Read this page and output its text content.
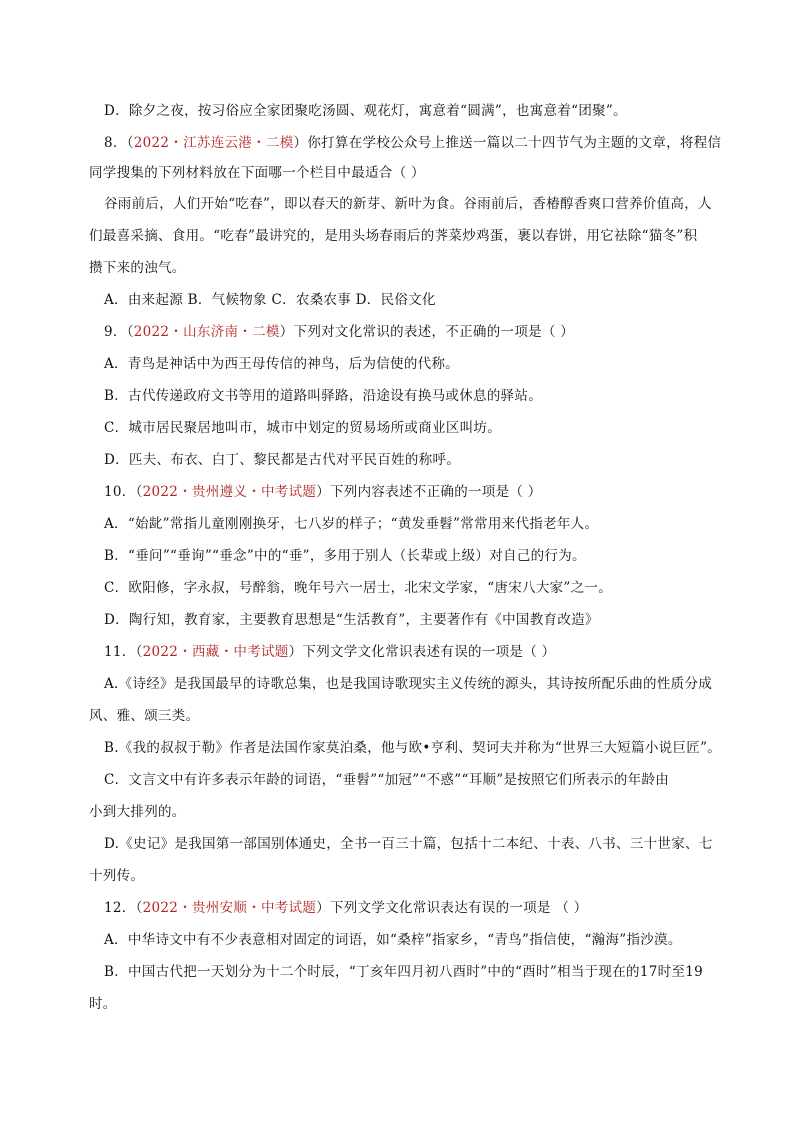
D．除夕之夜，按习俗应全家团聚吃汤圆、观花灯，寓意着“圆满”，也寓意着“团聚”。
8．（2022・江苏连云港・二模）你打算在学校公众号上推送一篇以二十四节气为主题的文章，将程信
同学搜集的下列材料放在下面哪一个栏目中最适合（ ）
谷雨前后，人们开始“吃春”，即以春天的新芽、新叶为食。谷雨前后，香椿醇香爽口营养价值高，人
们最喜采摘、食用。“吃春”最讲究的，是用头场春雨后的荠菜炒鸡蛋，裹以春饼，用它祛除“猫冬”积
攒下来的浊气。
A．由来起源 B．气候物象 C．农桑农事 D．民俗文化
9．（2022・山东济南・二模）下列对文化常识的表述，不正确的一项是（ ）
A．青鸟是神话中为西王母传信的神鸟，后为信使的代称。
B．古代传递政府文书等用的道路叫驿路，沿途设有换马或休息的驿站。
C．城市居民聚居地叫市，城市中划定的贸易场所或商业区叫坊。
D．匹夫、布衣、白丁、黎民都是古代对平民百姓的称呼。
10．（2022・贵州遵义・中考试题）下列内容表述不正确的一项是（ ）
A．“始龀”常指儿童刚刚换牙，七八岁的样子；“黄发垂髫”常常用来代指老年人。
B．“垂问”“垂询”“垂念”中的“垂”，多用于别人（长辈或上级）对自己的行为。
C．欧阳修，字永叔，号醉翁，晚年号六一居士，北宋文学家，“唐宋八大家”之一。
D．陶行知，教育家，主要教育思想是“生活教育”，主要著作有《中国教育改造》
11．（2022・西藏・中考试题）下列文学文化常识表述有误的一项是（ ）
A.《诗经》是我国最早的诗歌总集，也是我国诗歌现实主义传统的源头，其诗按所配乐曲的性质分成
风、雅、颂三类。
B.《我的叔叔于勒》作者是法国作家莫泊桑，他与欧•亨利、契诃夫并称为“世界三大短篇小说巨匠”。
C．文言文中有许多表示年龄的词语，“垂髫”“加冠”“不惑”“耳顺”是按照它们所表示的年龄由
小到大排列的。
D.《史记》是我国第一部国别体通史，全书一百三十篇，包括十二本纪、十表、八书、三十世家、七
十列传。
12．（2022・贵州安顺・中考试题）下列文学文化常识表达有误的一项是 （ ）
A．中华诗文中有不少表意相对固定的词语，如“桑梓”指家乡，“青鸟”指信使，“瀚海”指沙漠。
B．中国古代把一天划分为十二个时辰，“丁亥年四月初八酉时”中的“酉时”相当于现在的17时至19
时。
